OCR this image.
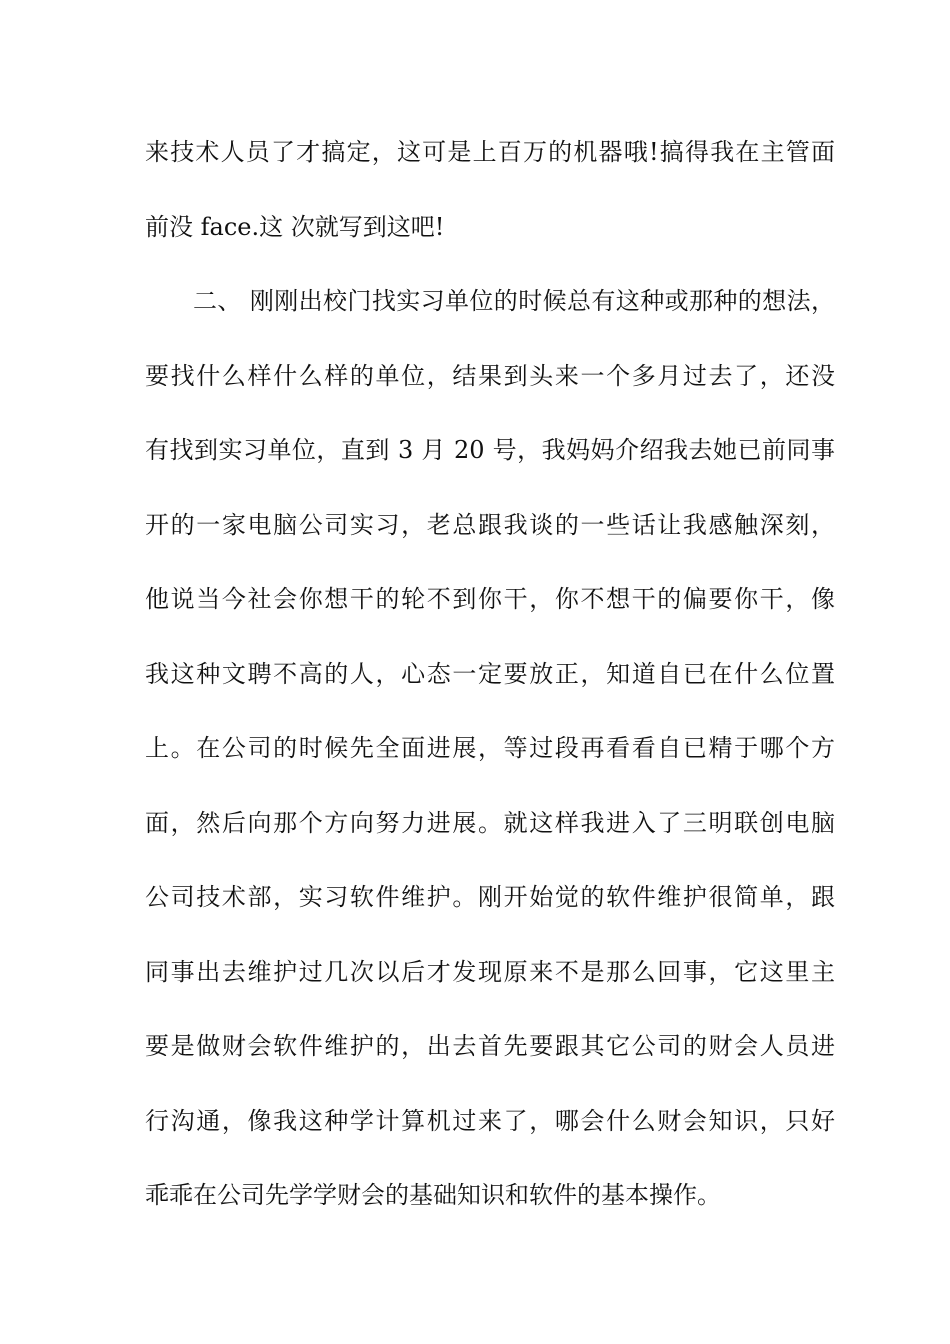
来技术人员了才搞定，这可是上百万的机器哦!搞得我在主管面
前没 face.这 次就写到这吧!
二、 刚刚出校门找实习单位的时候总有这种或那种的想法，
要找什么样什么样的单位，结果到头来一个多月过去了，还没
有找到实习单位，直到 3 月 20 号，我妈妈介绍我去她已前同事
开的一家电脑公司实习，老总跟我谈的一些话让我感触深刻，
他说当今社会你想干的轮不到你干，你不想干的偏要你干，像
我这种文聘不高的人，心态一定要放正，知道自已在什么位置
上。在公司的时候先全面进展，等过段再看看自已精于哪个方
面，然后向那个方向努力进展。就这样我进入了三明联创电脑
公司技术部，实习软件维护。刚开始觉的软件维护很简单，跟
同事出去维护过几次以后才发现原来不是那么回事，它这里主
要是做财会软件维护的，出去首先要跟其它公司的财会人员进
行沟通，像我这种学计算机过来了，哪会什么财会知识，只好
乖乖在公司先学学财会的基础知识和软件的基本操作。
